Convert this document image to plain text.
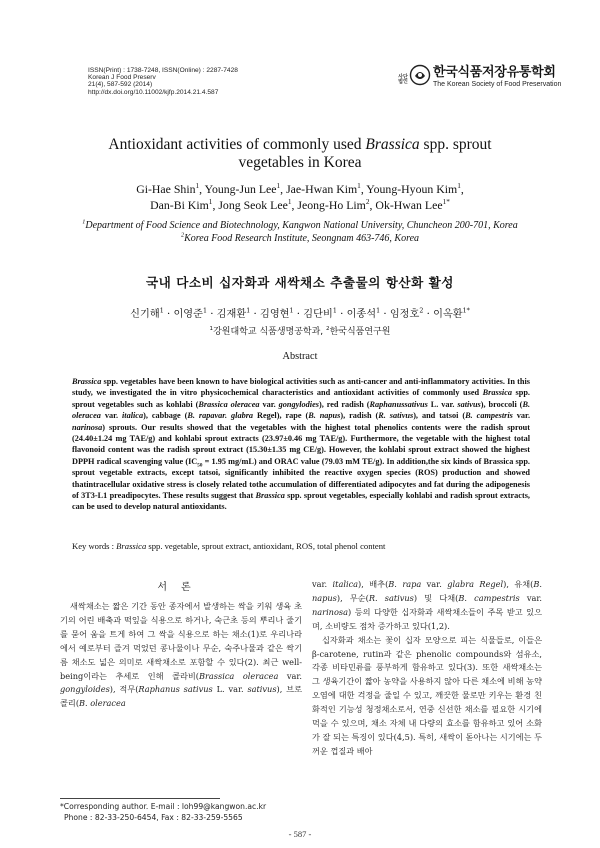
ISSN(Print) : 1738-7248, ISSN(Online) : 2287-7428
Korean J Food Preserv
21(4), 587-592 (2014)
http://dx.doi.org/10.11002/kjfp.2014.21.4.587
사단
법인
한국식품저장유통학회
The Korean Society of Food Preservation
Antioxidant activities of commonly used Brassica spp. sprout
vegetables in Korea
Gi-Hae Shin$^1$, Young-Jun Lee$^1$, Jae-Hwan Kim$^1$, Young-Hyoun Kim$^1$,
Dan-Bi Kim$^1$, Jong Seok Lee$^1$, Jeong-Ho Lim$^2$, Ok-Hwan Lee$^{1*}$
$^1$Department of Food Science and Biotechnology, Kangwon National University, Chuncheon 200-701, Korea
$^2$Korea Food Research Institute, Seongnam 463-746, Korea
국내 다소비 십자화과 새싹채소 추출물의 항산화 활성
신기해$^1$ · 이영준$^1$ · 김재환$^1$ · 김영현$^1$ · 김단비$^1$ · 이종석$^1$ · 임정호$^2$ · 이옥환$^{1*}$
$^1$강원대학교 식품생명공학과, $^2$한국식품연구원
Abstract
Brassica spp. vegetables have been known to have biological activities such as anti-cancer and anti-inflammatory activities. In this study, we investigated the in vitro physicochemical characteristics and antioxidant activities of commonly used Brassica spp. sprout vegetables such as kohlabi (Brassica oleracea var. gongylodies), red radish (Raphanussativus L. var. sativus), broccoli (B. oleracea var. italica), cabbage (B. rapavar. glabra Regel), rape (B. napus), radish (R. sativus), and tatsoi (B. campestris var. narinosa) sprouts. Our results showed that the vegetables with the highest total phenolics contents were the radish sprout (24.40±1.24 mg TAE/g) and kohlabi sprout extracts (23.97±0.46 mg TAE/g). Furthermore, the vegetable with the highest total flavonoid content was the radish sprout extract (15.30±1.35 mg CE/g). However, the kohlabi sprout extract showed the highest DPPH radical scavenging value ($IC_{50} = 1.95$ mg/mL) and ORAC value (79.03 mM TE/g). In addition,the six kinds of Brassica spp. sprout vegetable extracts, except tatsoi, significantly inhibited the reactive oxygen species (ROS) production and showed thatintracellular oxidative stress is closely related tothe accumulation of differentiated adipocytes and fat during the adipogenesis of 3T3-L1 preadipocytes. These results suggest that Brassica spp. sprout vegetables, especially kohlabi and radish sprout extracts, can be used to develop natural antioxidants.
Key words : Brassica spp. vegetable, sprout extract, antioxidant, ROS, total phenol content
서론

새싹채소는 짧은 기간 동안 종자에서 발생하는 싹을 키워 생육 초기의 어린 배축과 떡잎을 식용으로 하거나, 숙근초 등의 뿌리나 줄기를 묻어 움을 트게 하여 그 싹을 식용으로 하는 채소(1)로 우리나라에서 예로부터 즐겨 먹었던 콩나물이나 무순, 숙주나물과 같은 싹기름 채소도 넓은 의미로 새싹채소로 포함할 수 있다(2). 최근 well-being이라는 추세로 인해 콜라비(Brassica oleracea var. gongyloides), 적무(Raphanus sativus L. var. sativus), 브로콜리(B. oleracea

var. italica), 배추(B. rapa var. glabra Regel), 유채(B. napus), 무순(R. sativus) 및 다채(B. campestris var. narinosa) 등의 다양한 십자화과 새싹채소들이 주목 받고 있으며, 소비량도 점차 증가하고 있다(1,2).

십자화과 채소는 꽃이 십자 모양으로 피는 식물들로, 이들은 β-carotene, rutin과 같은 phenolic compounds와 섬유소, 각종 비타민류를 풍부하게 함유하고 있다(3). 또한 새싹채소는 그 생육기간이 짧아 농약을 사용하지 않아 다른 채소에 비해 농약오염에 대한 걱정을 줄일 수 있고, 깨끗한 물로만 키우는 환경 친화적인 기능성 청정채소로서, 연중 신선한 채소를 필요한 시기에 먹을 수 있으며, 채소 자체 내 다량의 효소를 함유하고 있어 소화가 잘 되는 특징이 있다(4,5). 특히, 새싹이 돋아나는 시기에는 두꺼운 껍질과 배아

*Corresponding author. E-mail : loh99@kangwon.ac.kr
Phone : 82-33-250-6454, Fax : 82-33-259-5565
- 587 -
